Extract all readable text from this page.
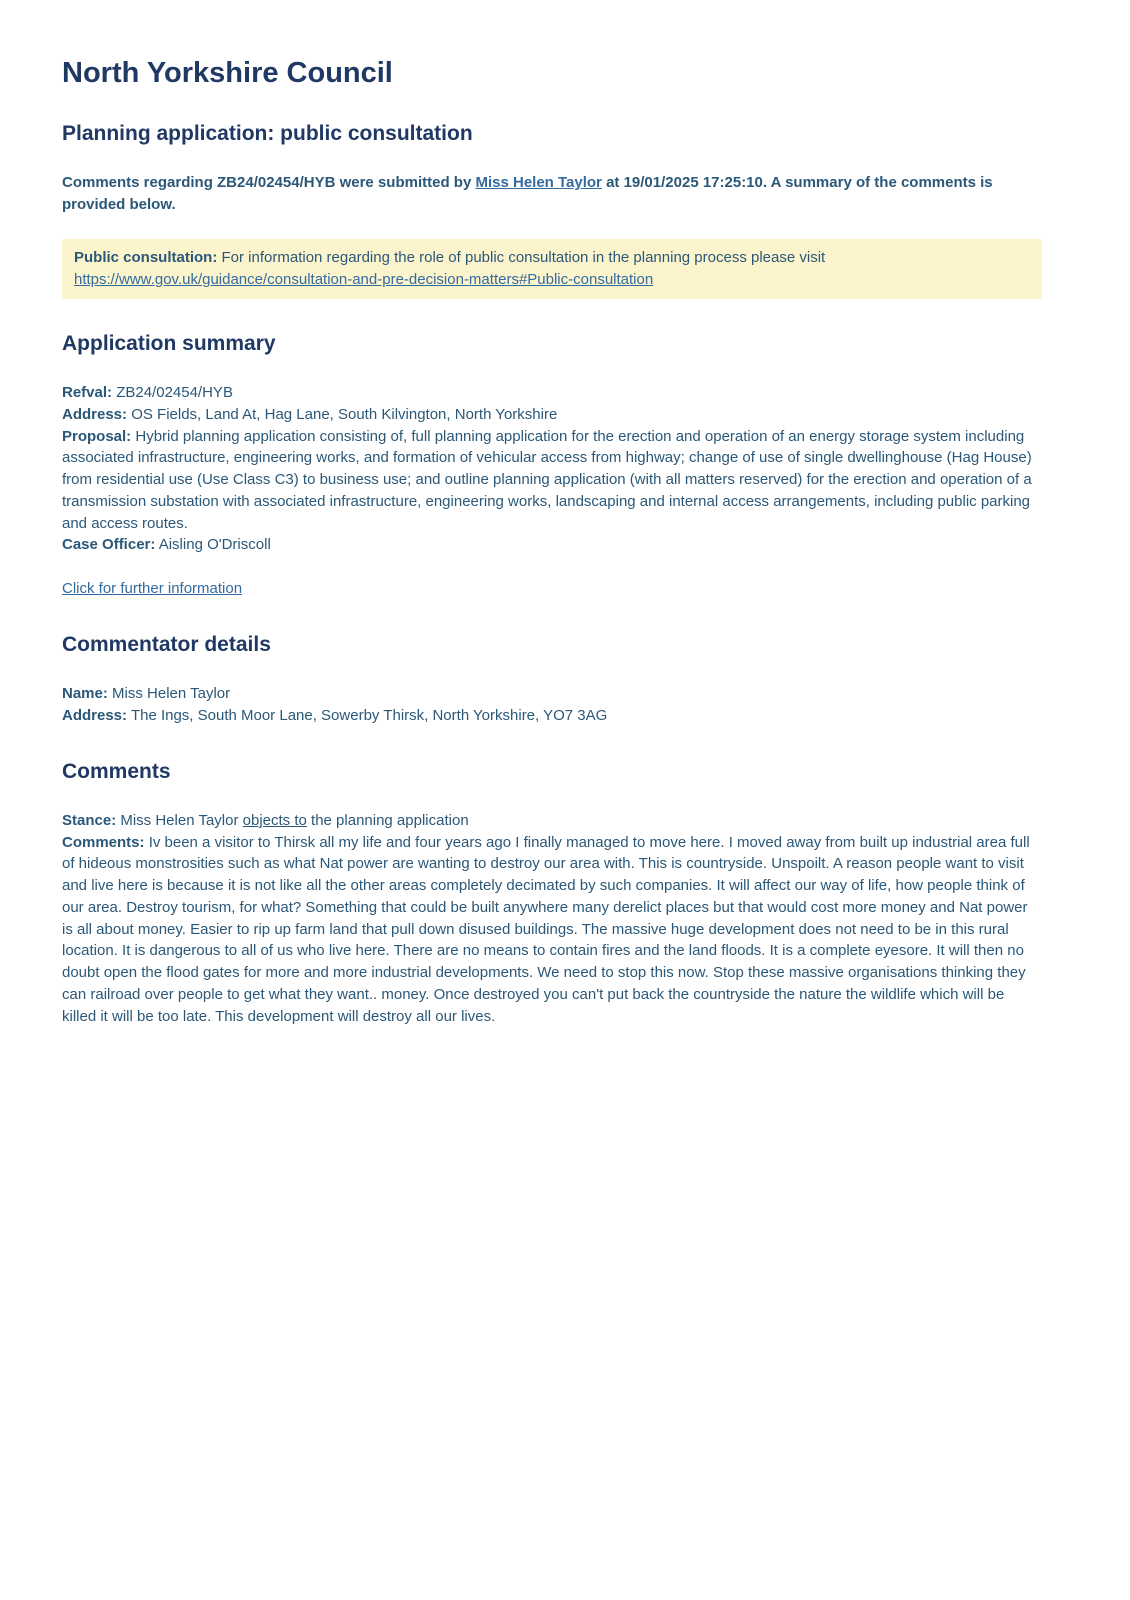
North Yorkshire Council
Planning application: public consultation

Comments regarding ZB24/02454/HYB were submitted by Miss Helen Taylor at 19/01/2025 17:25:10. A summary of the comments is provided below.

Public consultation: For information regarding the role of public consultation in the planning process please visit https://www.gov.uk/guidance/consultation-and-pre-decision-matters#Public-consultation
Application summary
Refval: ZB24/02454/HYB
Address: OS Fields, Land At, Hag Lane, South Kilvington, North Yorkshire
Proposal: Hybrid planning application consisting of, full planning application for the erection and operation of an energy storage system including associated infrastructure, engineering works, and formation of vehicular access from highway; change of use of single dwellinghouse (Hag House) from residential use (Use Class C3) to business use; and outline planning application (with all matters reserved) for the erection and operation of a transmission substation with associated infrastructure, engineering works, landscaping and internal access arrangements, including public parking and access routes.
Case Officer: Aisling O'Driscoll

Click for further information

Commentator details
Name: Miss Helen Taylor
Address: The Ings, South Moor Lane, Sowerby Thirsk, North Yorkshire, YO7 3AG
Comments
Stance: Miss Helen Taylor objects to the planning application
Comments: Iv been a visitor to Thirsk all my life and four years ago I finally managed to move here. I moved away from built up industrial area full of hideous monstrosities such as what Nat power are wanting to destroy our area with. This is countryside. Unspoilt. A reason people want to visit and live here is because it is not like all the other areas completely decimated by such companies. It will affect our way of life, how people think of our area. Destroy tourism, for what? Something that could be built anywhere many derelict places but that would cost more money and Nat power is all about money. Easier to rip up farm land that pull down disused buildings. The massive huge development does not need to be in this rural location. It is dangerous to all of us who live here. There are no means to contain fires and the land floods. It is a complete eyesore. It will then no doubt open the flood gates for more and more industrial developments. We need to stop this now. Stop these massive organisations thinking they can railroad over people to get what they want.. money. Once destroyed you can't put back the countryside the nature the wildlife which will be killed it will be too late. This development will destroy all our lives.
